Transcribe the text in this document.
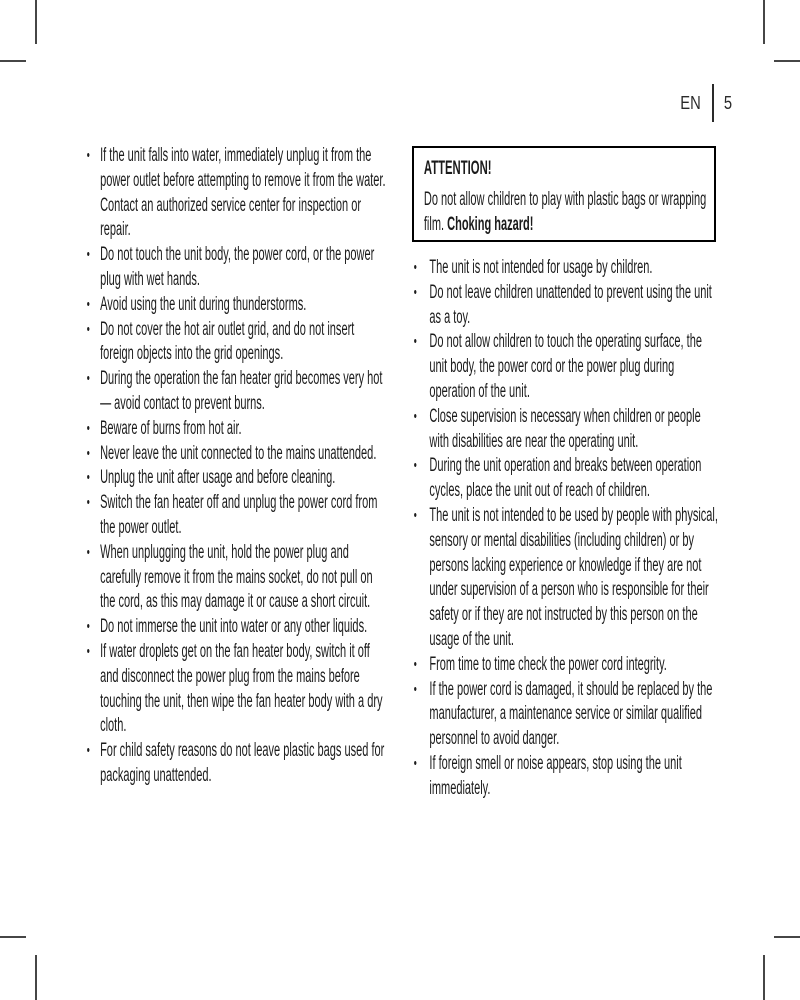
EN 5
• If the unit falls into water, immediately unplug it from the power outlet before attempting to remove it from the water. Contact an authorized service center for inspection or repair.
• Do not touch the unit body, the power cord, or the power plug with wet hands.
• Avoid using the unit during thunderstorms.
• Do not cover the hot air outlet grid, and do not insert foreign objects into the grid openings.
• During the operation the fan heater grid becomes very hot — avoid contact to prevent burns.
• Beware of burns from hot air.
• Never leave the unit connected to the mains unattended.
• Unplug the unit after usage and before cleaning.
• Switch the fan heater off and unplug the power cord from the power outlet.
• When unplugging the unit, hold the power plug and carefully remove it from the mains socket, do not pull on the cord, as this may damage it or cause a short circuit.
• Do not immerse the unit into water or any other liquids.
• If water droplets get on the fan heater body, switch it off and disconnect the power plug from the mains before touching the unit, then wipe the fan heater body with a dry cloth.
• For child safety reasons do not leave plastic bags used for packaging unattended.

ATTENTION!

Do not allow children to play with plastic bags or wrapping film. Choking hazard!

• The unit is not intended for usage by children.
• Do not leave children unattended to prevent using the unit as a toy.
• Do not allow children to touch the operating surface, the unit body, the power cord or the power plug during operation of the unit.
• Close supervision is necessary when children or people with disabilities are near the operating unit.
• During the unit operation and breaks between operation cycles, place the unit out of reach of children.
• The unit is not intended to be used by people with physical, sensory or mental disabilities (including children) or by persons lacking experience or knowledge if they are not under supervision of a person who is responsible for their safety or if they are not instructed by this person on the usage of the unit.
• From time to time check the power cord integrity.
• If the power cord is damaged, it should be replaced by the manufacturer, a maintenance service or similar qualified personnel to avoid danger.
• If foreign smell or noise appears, stop using the unit immediately.
